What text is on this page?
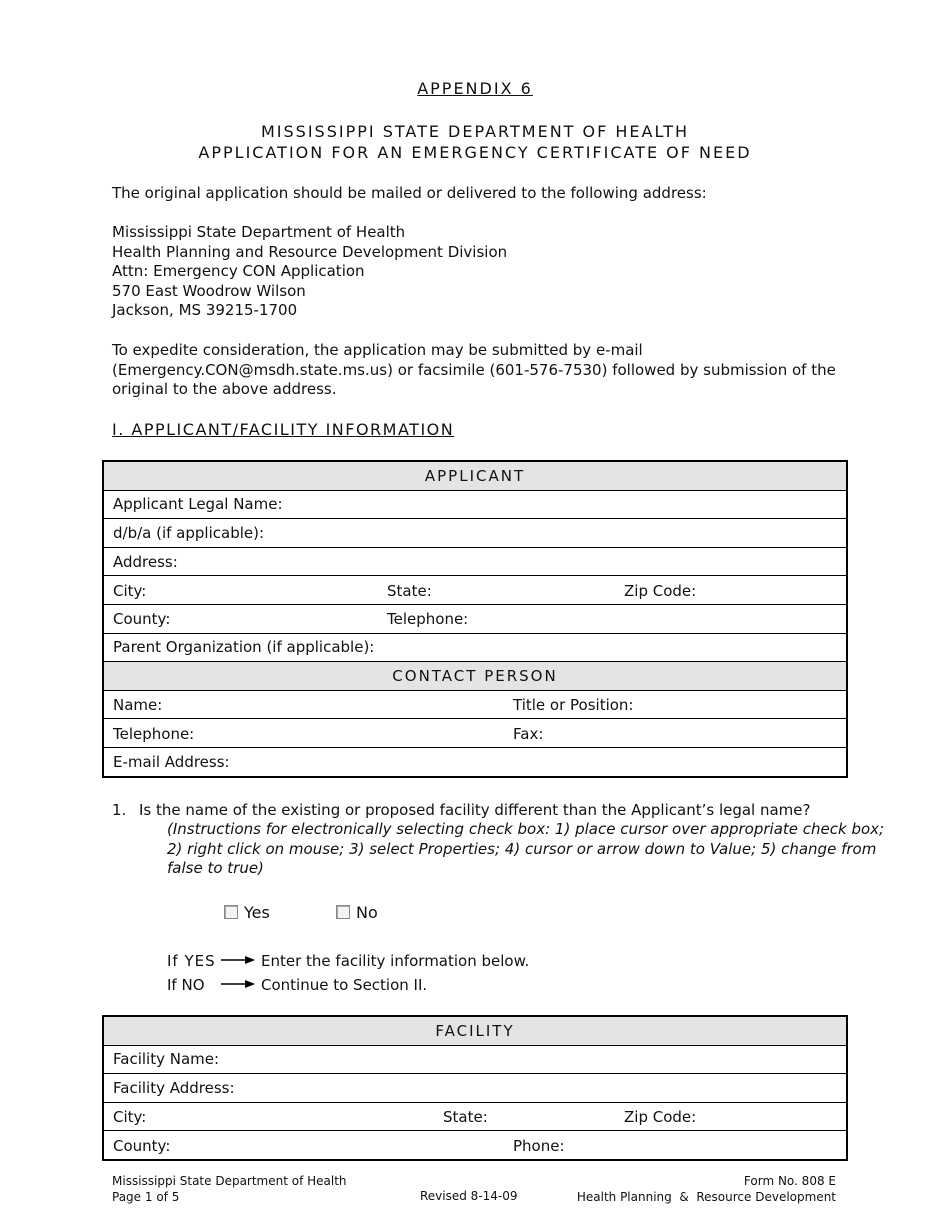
APPENDIX 6
MISSISSIPPI STATE DEPARTMENT OF HEALTH
APPLICATION FOR AN EMERGENCY CERTIFICATE OF NEED
The original application should be mailed or delivered to the following address:
Mississippi State Department of Health
Health Planning and Resource Development Division
Attn: Emergency CON Application
570 East Woodrow Wilson
Jackson, MS 39215-1700
To expedite consideration, the application may be submitted by e-mail
(Emergency.CON@msdh.state.ms.us) or facsimile (601-576-7530) followed by submission of the
original to the above address.
I. APPLICANT/FACILITY INFORMATION
APPLICANT
Applicant Legal Name:
d/b/a (if applicable):
Address:

City:	State:	Zip Code:

County:	Telephone:

Parent Organization (if applicable):
CONTACT PERSON

Name:	Title or Position:

Telephone:	Fax:

E-mail Address:
1. Is the name of the existing or proposed facility different than the Applicant’s legal name?
(Instructions for electronically selecting check box: 1) place cursor over appropriate check box;
2) right click on mouse; 3) select Properties; 4) cursor or arrow down to Value; 5) change from
false to true)
Yes	No
If YES	Enter the facility information below.
If NO	Continue to Section II.
FACILITY
Facility Name:
Facility Address:

City:	State:	Zip Code:

County:	Phone:
Mississippi State Department of Health
Page 1 of 5	Revised 8-14-09
Form No. 808 E
Health Planning  &  Resource Development
